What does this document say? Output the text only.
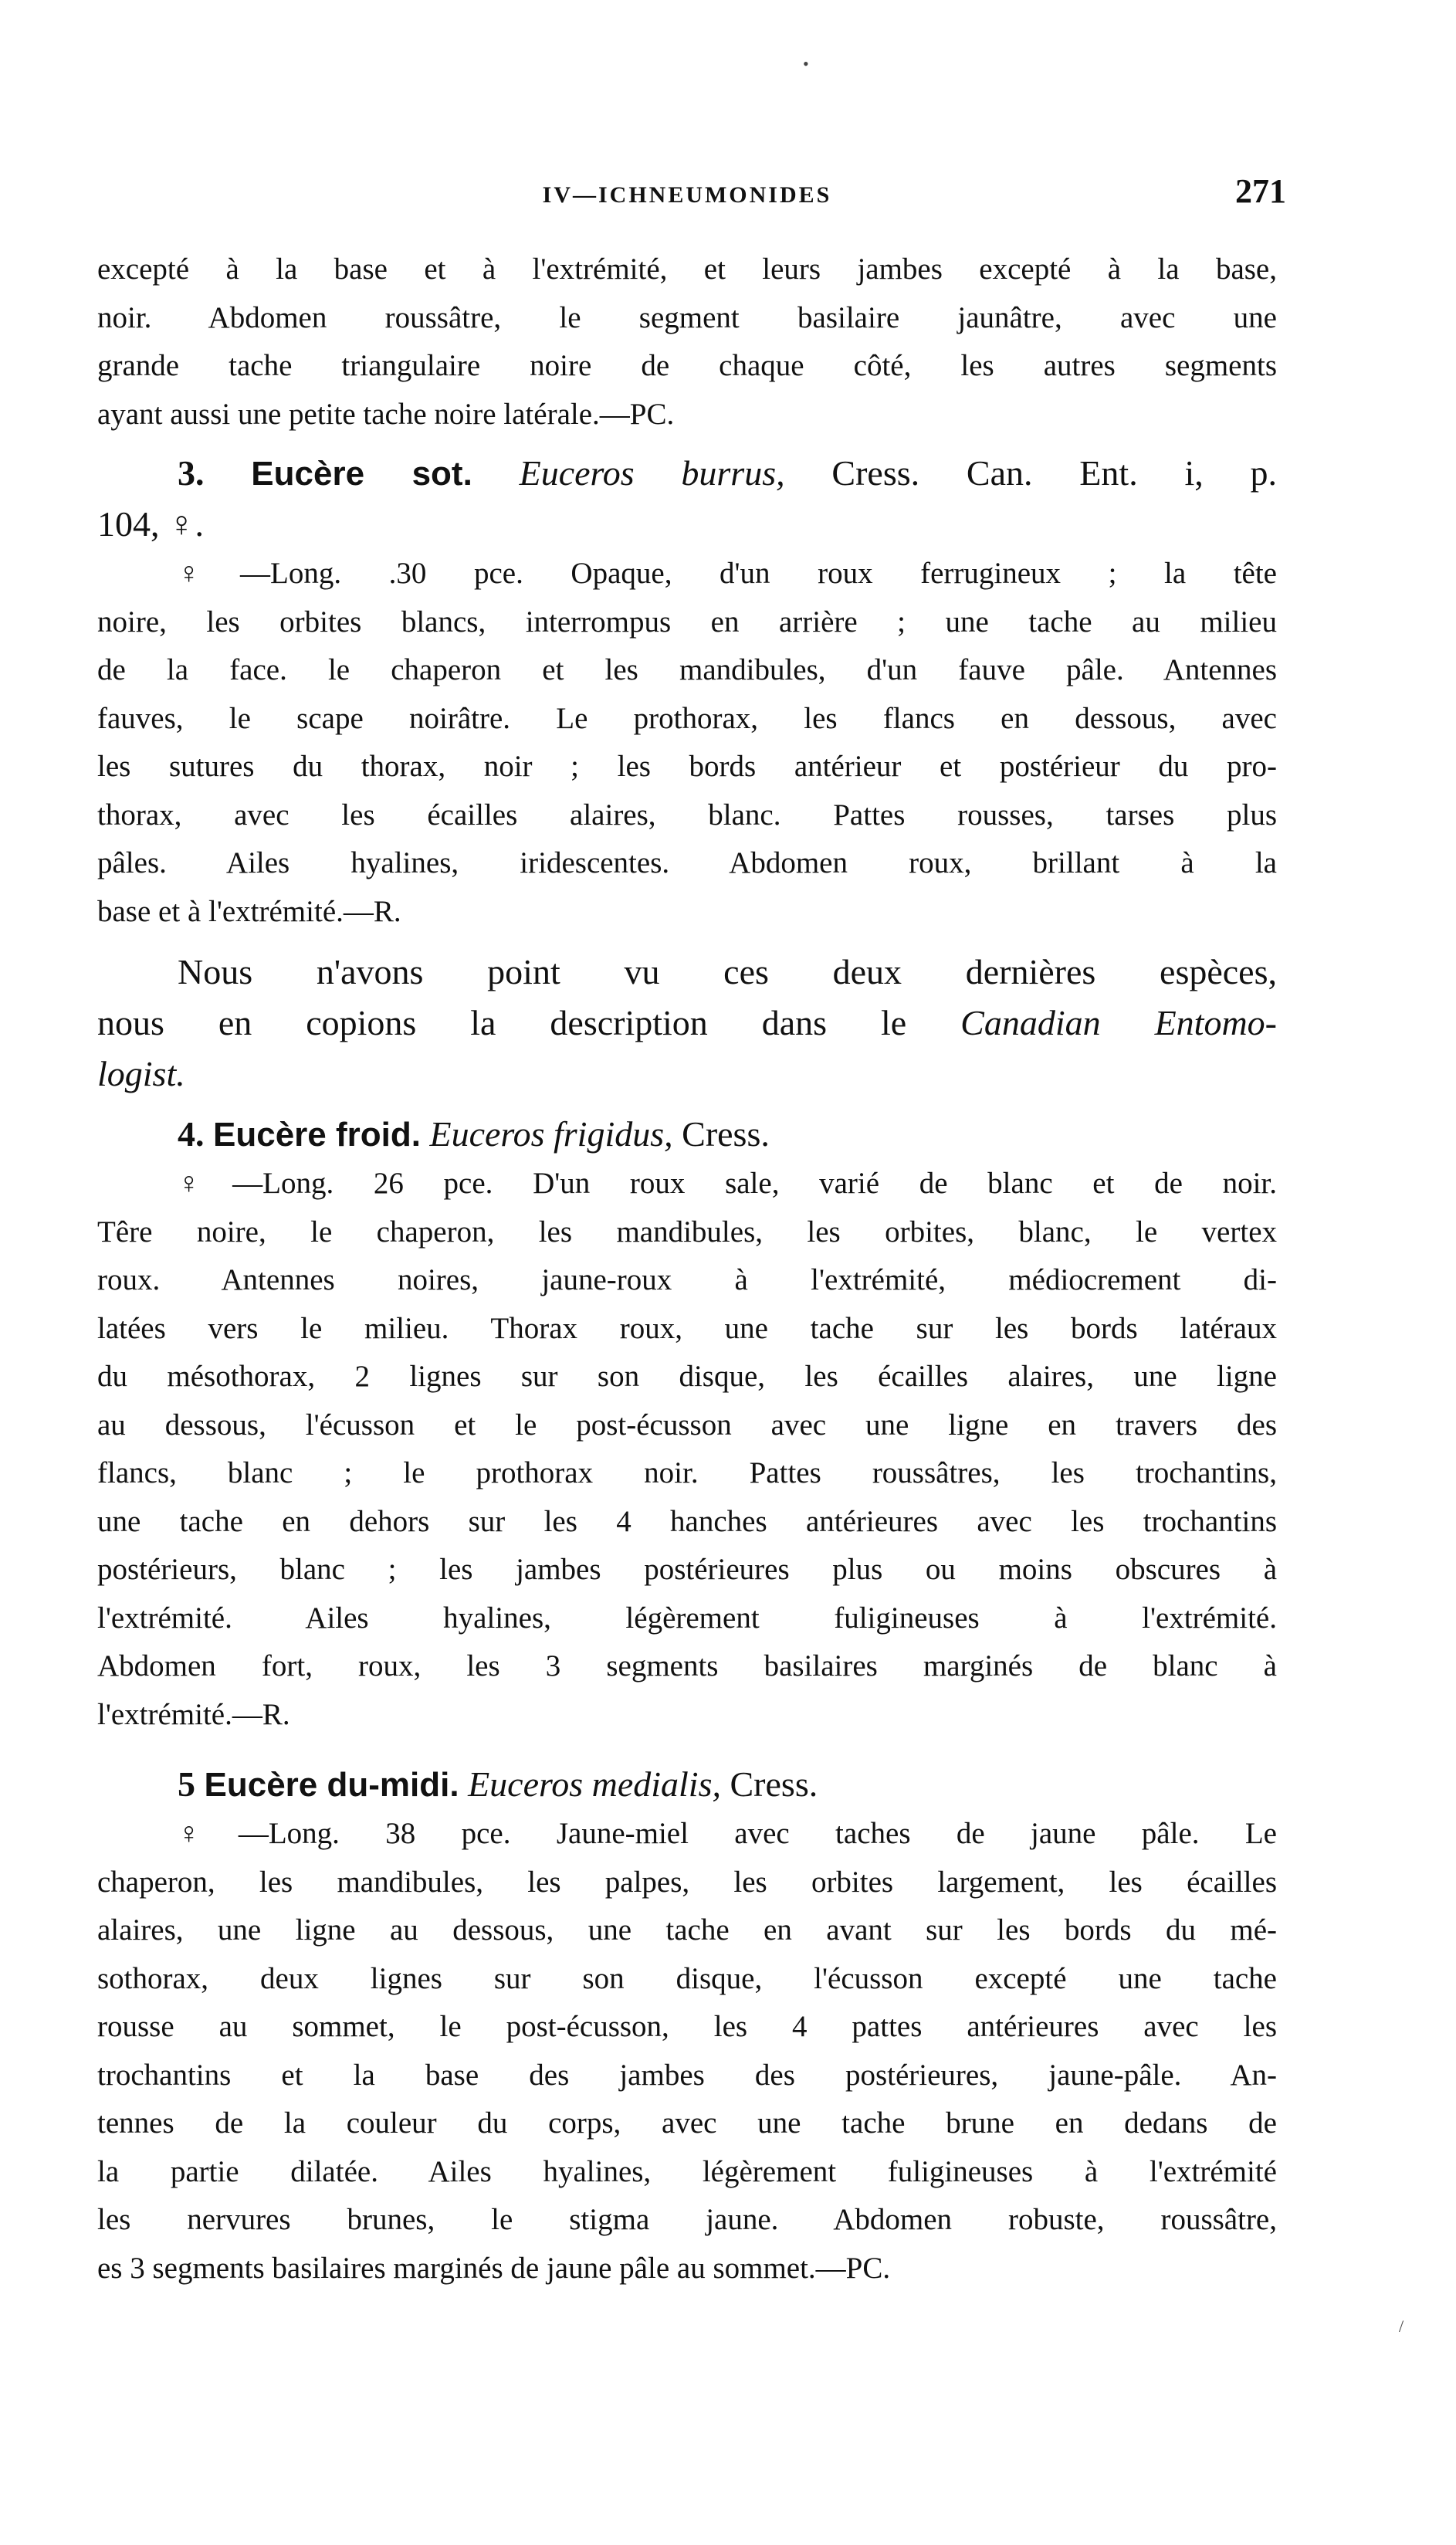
•
/
IV—ICHNEUMONIDES	271
excepté à la base et à l'extrémité, et leurs jambes excepté à la base,
noir. Abdomen roussâtre, le segment basilaire jaunâtre, avec une
grande tache triangulaire noire de chaque côté, les autres segments
ayant aussi une petite tache noire latérale.—PC.
3. Eucère sot. Euceros burrus, Cress. Can. Ent. i, p.
104, ♀.
♀—Long. .30 pce. Opaque, d'un roux ferrugineux ; la tête
noire, les orbites blancs, interrompus en arrière ; une tache au milieu
de la face. le chaperon et les mandibules, d'un fauve pâle. Antennes
fauves, le scape noirâtre. Le prothorax, les flancs en dessous, avec
les sutures du thorax, noir ; les bords antérieur et postérieur du pro-
thorax, avec les écailles alaires, blanc. Pattes rousses, tarses plus
pâles. Ailes hyalines, iridescentes. Abdomen roux, brillant à la
base et à l'extrémité.—R.
Nous n'avons point vu ces deux dernières espèces,
nous en copions la description dans le Canadian Entomo-
logist.
4. Eucère froid. Euceros frigidus, Cress.
♀—Long. 26 pce. D'un roux sale, varié de blanc et de noir.
Têre noire, le chaperon, les mandibules, les orbites, blanc, le vertex
roux. Antennes noires, jaune-roux à l'extrémité, médiocrement di-
latées vers le milieu. Thorax roux, une tache sur les bords latéraux
du mésothorax, 2 lignes sur son disque, les écailles alaires, une ligne
au dessous, l'écusson et le post-écusson avec une ligne en travers des
flancs, blanc ; le prothorax noir. Pattes roussâtres, les trochantins,
une tache en dehors sur les 4 hanches antérieures avec les trochantins
postérieurs, blanc ; les jambes postérieures plus ou moins obscures à
l'extrémité. Ailes hyalines, légèrement fuligineuses à l'extrémité.
Abdomen fort, roux, les 3 segments basilaires marginés de blanc à
l'extrémité.—R.
5 Eucère du-midi. Euceros medialis, Cress.
♀—Long. 38 pce. Jaune-miel avec taches de jaune pâle. Le
chaperon, les mandibules, les palpes, les orbites largement, les écailles
alaires, une ligne au dessous, une tache en avant sur les bords du mé-
sothorax, deux lignes sur son disque, l'écusson excepté une tache
rousse au sommet, le post-écusson, les 4 pattes antérieures avec les
trochantins et la base des jambes des postérieures, jaune-pâle. An-
tennes de la couleur du corps, avec une tache brune en dedans de
la partie dilatée. Ailes hyalines, légèrement fuligineuses à l'extrémité
les nervures brunes, le stigma jaune. Abdomen robuste, roussâtre,
es 3 segments basilaires marginés de jaune pâle au sommet.—PC.
